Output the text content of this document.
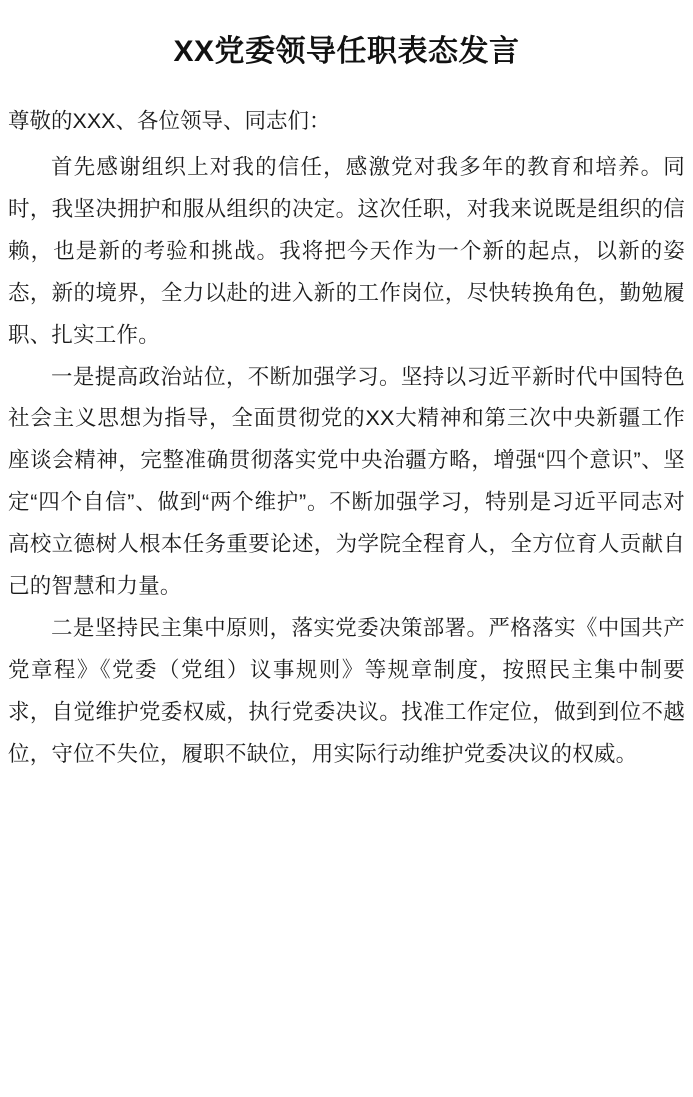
XX党委领导任职表态发言

尊敬的XXX、各位领导、同志们：

首先感谢组织上对我的信任，感激党对我多年的教育和培养。同时，我坚决拥护和服从组织的决定。这次任职，对我来说既是组织的信赖，也是新的考验和挑战。我将把今天作为一个新的起点，以新的姿态，新的境界，全力以赴的进入新的工作岗位，尽快转换角色，勤勉履职、扎实工作。

一是提高政治站位，不断加强学习。坚持以习近平新时代中国特色社会主义思想为指导，全面贯彻党的XX大精神和第三次中央新疆工作座谈会精神，完整准确贯彻落实党中央治疆方略，增强“四个意识”、坚定“四个自信”、做到“两个维护”。不断加强学习，特别是习近平同志对高校立德树人根本任务重要论述，为学院全程育人，全方位育人贡献自己的智慧和力量。

二是坚持民主集中原则，落实党委决策部署。严格落实《中国共产党章程》《党委（党组）议事规则》等规章制度，按照民主集中制要求，自觉维护党委权威，执行党委决议。找准工作定位，做到到位不越位，守位不失位，履职不缺位，用实际行动维护党委决议的权威。
